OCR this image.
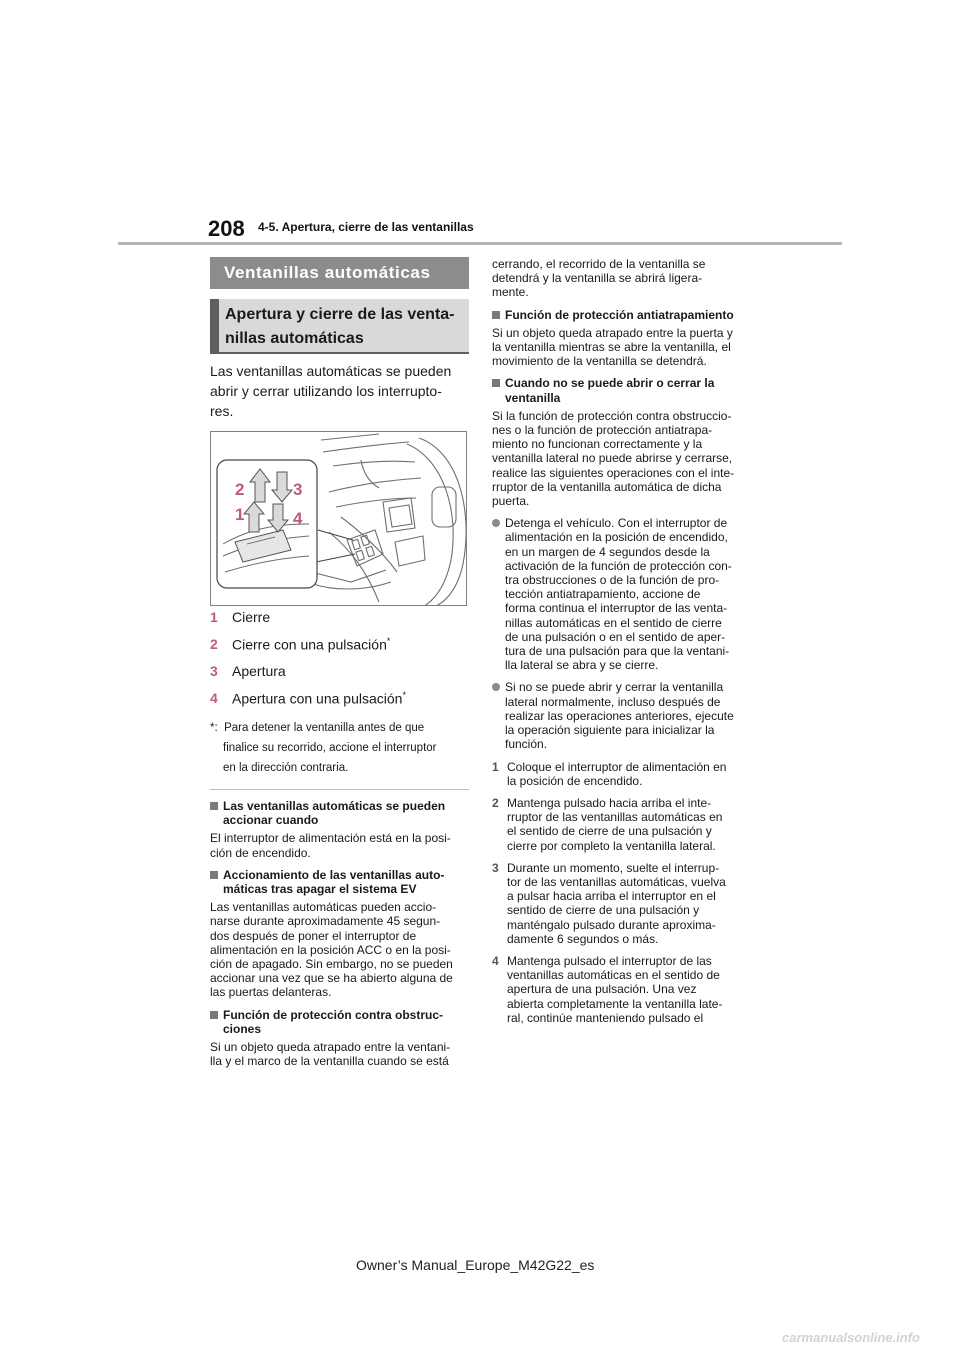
208 4-5. Apertura, cierre de las ventanillas
Ventanillas automáticas
Apertura y cierre de las venta-
nillas automáticas
Las ventanillas automáticas se pueden
abrir y cerrar utilizando los interrupto-
res.
2	3
1	4
1 Cierre
2 Cierre con una pulsación*
3 Apertura
4 Apertura con una pulsación*
*: Para detener la ventanilla antes de que
finalice su recorrido, accione el interruptor
en la dirección contraria.
Las ventanillas automáticas se pueden
accionar cuando
El interruptor de alimentación está en la posi-
ción de encendido.
Accionamiento de las ventanillas auto-
máticas tras apagar el sistema EV
Las ventanillas automáticas pueden accio-
narse durante aproximadamente 45 segun-
dos después de poner el interruptor de
alimentación en la posición ACC o en la posi-
ción de apagado. Sin embargo, no se pueden
accionar una vez que se ha abierto alguna de
las puertas delanteras.
Función de protección contra obstruc-
ciones
Si un objeto queda atrapado entre la ventani-
lla y el marco de la ventanilla cuando se está
cerrando, el recorrido de la ventanilla se
detendrá y la ventanilla se abrirá ligera-
mente.
Función de protección antiatrapamiento
Si un objeto queda atrapado entre la puerta y
la ventanilla mientras se abre la ventanilla, el
movimiento de la ventanilla se detendrá.
Cuando no se puede abrir o cerrar la
ventanilla
Si la función de protección contra obstruccio-
nes o la función de protección antiatrapa-
miento no funcionan correctamente y la
ventanilla lateral no puede abrirse y cerrarse,
realice las siguientes operaciones con el inte-
rruptor de la ventanilla automática de dicha
puerta.
Detenga el vehículo. Con el interruptor de
alimentación en la posición de encendido,
en un margen de 4 segundos desde la
activación de la función de protección con-
tra obstrucciones o de la función de pro-
tección antiatrapamiento, accione de
forma continua el interruptor de las venta-
nillas automáticas en el sentido de cierre
de una pulsación o en el sentido de aper-
tura de una pulsación para que la ventani-
lla lateral se abra y se cierre.
Si no se puede abrir y cerrar la ventanilla
lateral normalmente, incluso después de
realizar las operaciones anteriores, ejecute
la operación siguiente para inicializar la
función.
1 Coloque el interruptor de alimentación en
la posición de encendido.
2 Mantenga pulsado hacia arriba el inte-
rruptor de las ventanillas automáticas en
el sentido de cierre de una pulsación y
cierre por completo la ventanilla lateral.
3 Durante un momento, suelte el interrup-
tor de las ventanillas automáticas, vuelva
a pulsar hacia arriba el interruptor en el
sentido de cierre de una pulsación y
manténgalo pulsado durante aproxima-
damente 6 segundos o más.
4 Mantenga pulsado el interruptor de las
ventanillas automáticas en el sentido de
apertura de una pulsación. Una vez
abierta completamente la ventanilla late-
ral, continúe manteniendo pulsado el
Owner’s Manual_Europe_M42G22_es
carmanualsonline.info
